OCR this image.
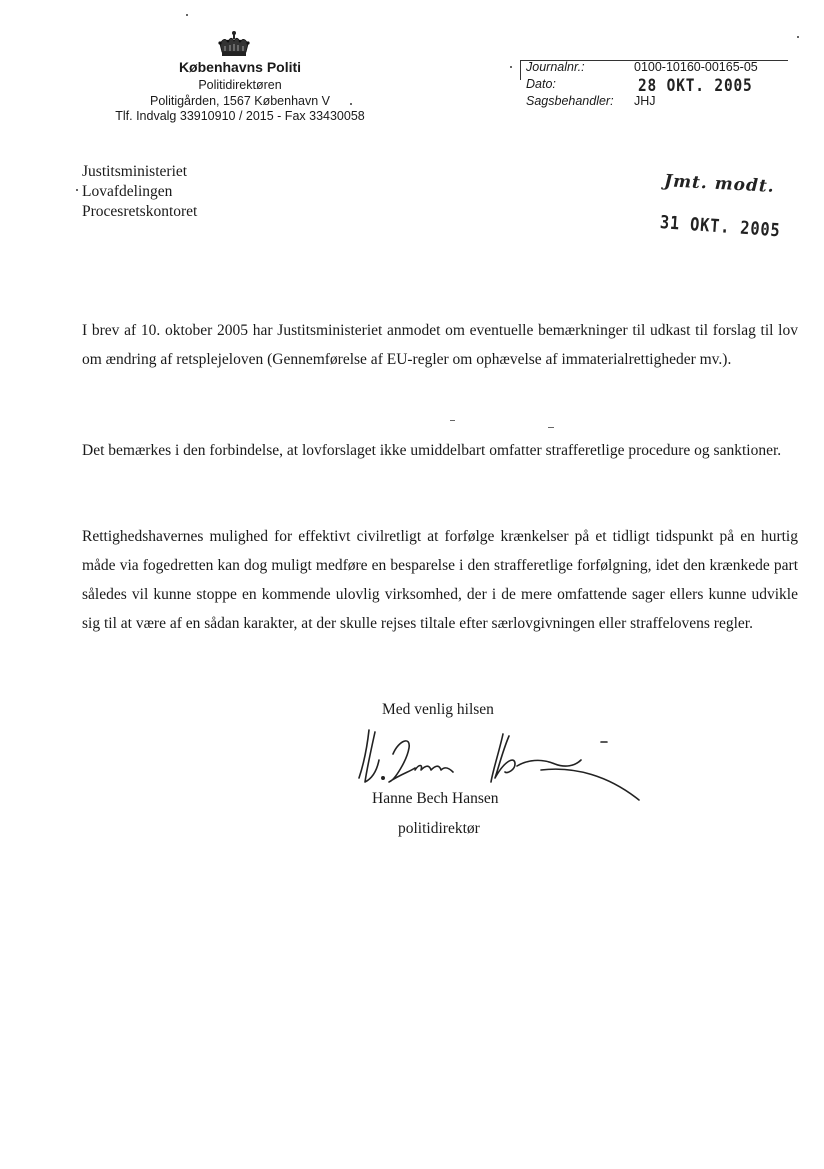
Københavns Politi
Politidirektøren
Politigården, 1567 København V
Tlf. Indvalg 33910910 / 2015 - Fax 33430058
Journalnr.:	0100-10160-00165-05
Dato:	28 OKT. 2005
Sagsbehandler: JHJ
Jmt. modt.
31 OKT. 2005
Justitsministeriet
Lovafdelingen
Procesretskontoret
I brev af 10. oktober 2005 har Justitsministeriet anmodet om eventuelle bemærkninger til udkast til forslag til lov om ændring af retsplejeloven (Gennemførelse af EU-regler om ophævelse af immaterialrettigheder mv.).
Det bemærkes i den forbindelse, at lovforslaget ikke umiddelbart omfatter strafferetlige procedure og sanktioner.
Rettighedshavernes mulighed for effektivt civilretligt at forfølge krænkelser på et tidligt tidspunkt på en hurtig måde via fogedretten kan dog muligt medføre en besparelse i den strafferetlige forfølgning, idet den krænkede part således vil kunne stoppe en kommende ulovlig virksomhed, der i de mere omfattende sager ellers kunne udvikle sig til at være af en sådan karakter, at der skulle rejses tiltale efter særlovgivningen eller straffelovens regler.
Med venlig hilsen
Hanne Bech Hansen
politidirektør
